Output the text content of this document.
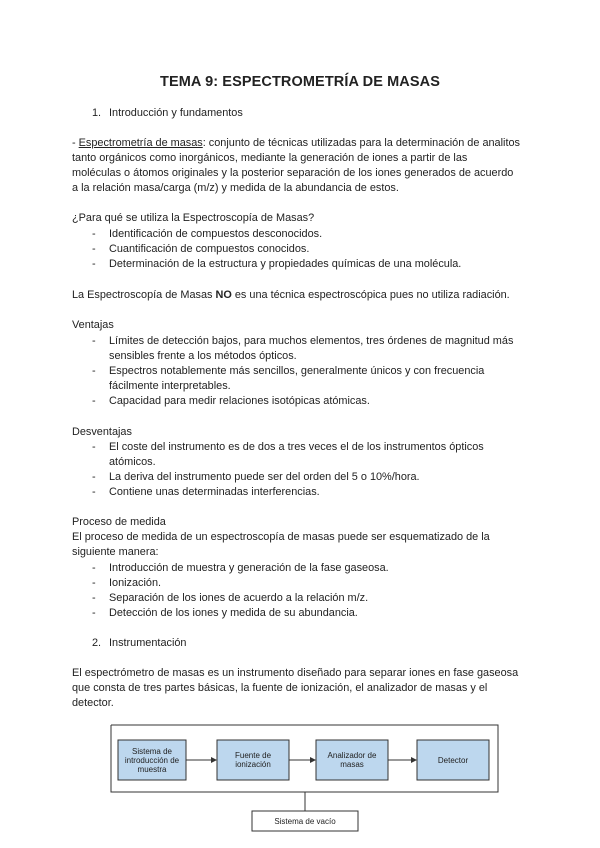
TEMA 9: ESPECTROMETRÍA DE MASAS
1. Introducción y fundamentos
- Espectrometría de masas: conjunto de técnicas utilizadas para la determinación de analitos
tanto orgánicos como inorgánicos, mediante la generación de iones a partir de las
moléculas o átomos originales y la posterior separación de los iones generados de acuerdo
a la relación masa/carga (m/z) y medida de la abundancia de estos.
¿Para qué se utiliza la Espectroscopía de Masas?
- Identificación de compuestos desconocidos.
- Cuantificación de compuestos conocidos.
- Determinación de la estructura y propiedades químicas de una molécula.
La Espectroscopía de Masas NO es una técnica espectroscópica pues no utiliza radiación.
Ventajas
- Límites de detección bajos, para muchos elementos, tres órdenes de magnitud más
sensibles frente a los métodos ópticos.
- Espectros notablemente más sencillos, generalmente únicos y con frecuencia
fácilmente interpretables.
- Capacidad para medir relaciones isotópicas atómicas.
Desventajas
- El coste del instrumento es de dos a tres veces el de los instrumentos ópticos
atómicos.
- La deriva del instrumento puede ser del orden del 5 o 10%/hora.
- Contiene unas determinadas interferencias.
Proceso de medida
El proceso de medida de un espectroscopía de masas puede ser esquematizado de la
siguiente manera:
- Introducción de muestra y generación de la fase gaseosa.
- Ionización.
- Separación de los iones de acuerdo a la relación m/z.
- Detección de los iones y medida de su abundancia.
2. Instrumentación
El espectrómetro de masas es un instrumento diseñado para separar iones en fase gaseosa
que consta de tres partes básicas, la fuente de ionización, el analizador de masas y el
detector.
Sistema de
introducción de
muestra
Fuente de
ionización
Analizador de
masas	Detector
Sistema de vacío
